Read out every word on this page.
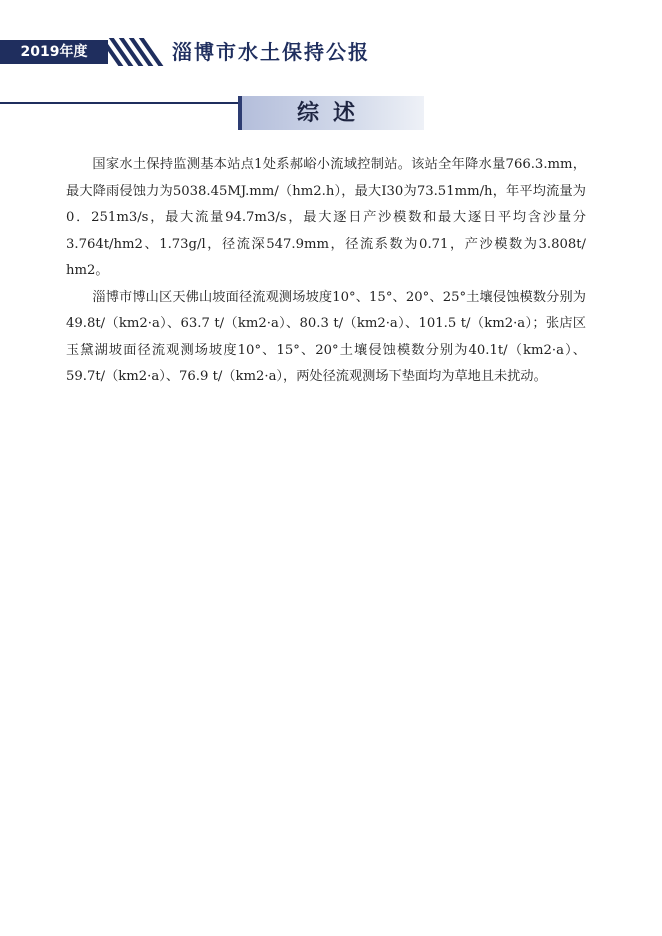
2019年度	淄博市水土保持公报
综述

国家水土保持监测基本站点1处系郝峪小流域控制站。该站全年降水量766.3.mm，最大降雨侵蚀力为5038.45MJ.mm/（hm2.h），最大I30为73.51mm/h，年平均流量为0．251m3/s，最大流量94.7m3/s，最大逐日产沙模数和最大逐日平均含沙量分3.764t/hm2、1.73g/l，径流深547.9mm，径流系数为0.71，产沙模数为3.808t/ hm2。

淄博市博山区天佛山坡面径流观测场坡度10°、15°、20°、25°土壤侵蚀模数分别为49.8t/（km2·a）、63.7 t/（km2·a）、80.3 t/（km2·a）、101.5 t/（km2·a）；张店区玉黛湖坡面径流观测场坡度10°、15°、20°土壤侵蚀模数分别为40.1t/（km2·a）、59.7t/（km2·a）、76.9 t/（km2·a），两处径流观测场下垫面均为草地且未扰动。
